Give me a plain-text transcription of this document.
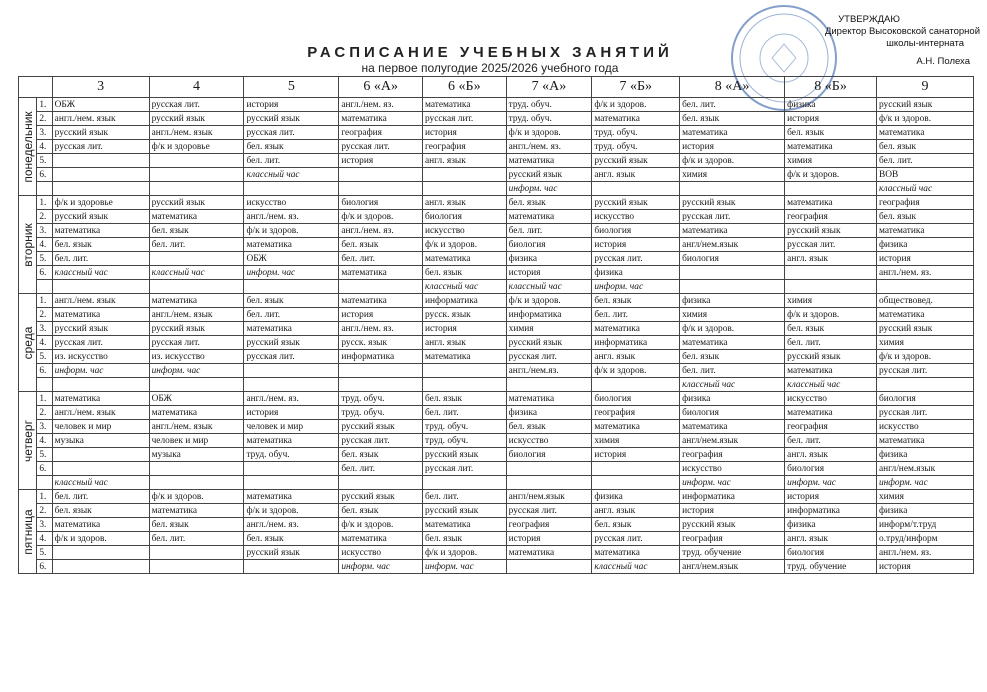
УТВЕРЖДАЮ
Директор Высоковской санаторной
школы-интерната
А.Н. Полеха
РАСПИСАНИЕ УЧЕБНЫХ ЗАНЯТИЙ
на первое полугодие 2025/2026 учебного года
		3	4	5	6 «А»	6 «Б»	7 «А»	7 «Б»	8 «А»	8 «Б»	9

понедельник	1.	ОБЖ	русская лит.	история	англ./нем. яз.	математика	труд. обуч.	ф/к и здоров.	бел. лит.	физика	русский язык
	2.	англ./нем. язык	русский язык	русский язык	математика	русская лит.	труд. обуч.	математика	бел. язык	история	ф/к и здоров.
	3.	русский язык	англ./нем. язык	русская лит.	география	история	ф/к и здоров.	труд. обуч.	математика	бел. язык	математика
	4.	русская лит.	ф/к и здоровье	бел. язык	русская лит.	география	англ./нем. яз.	труд. обуч.	история	математика	бел. язык
	5.			бел. лит.	история	англ. язык	математика	русский язык	ф/к и здоров.	химия	бел. лит.
	6.			классный час			русский язык	англ. язык	химия	ф/к и здоров.	ВОВ
							информ. час				классный час

вторник	1.	ф/к и здоровье	русский язык	искусство	биология	англ. язык	бел. язык	русский язык	русский язык	математика	география
	2.	русский язык	математика	англ./нем. яз.	ф/к и здоров.	биология	математика	искусство	русская лит.	география	бел. язык
	3.	математика	бел. язык	ф/к и здоров.	англ./нем. яз.	искусство	бел. лит.	биология	математика	русский язык	математика
	4.	бел. язык	бел. лит.	математика	бел. язык	ф/к и здоров.	биология	история	англ/нем.язык	русская лит.	физика
	5.	бел. лит.		ОБЖ	бел. лит.	математика	физика	русская лит.	биология	англ. язык	история
	6.	классный час	классный час	информ. час	математика	бел. язык	история	физика			англ./нем. яз.
						классный час	классный час	информ. час			

среда	1.	англ./нем. язык	математика	бел. язык	математика	информатика	ф/к и здоров.	бел. язык	физика	химия	обществовед.
	2.	математика	англ./нем. язык	бел. лит.	история	русск. язык	информатика	бел. лит.	химия	ф/к и здоров.	математика
	3.	русский язык	русский язык	математика	англ./нем. яз.	история	химия	математика	ф/к и здоров.	бел. язык	русский язык
	4.	русская лит.	русская лит.	русский язык	русск. язык	англ. язык	русский язык	информатика	математика	бел. лит.	химия
	5.	из. искусство	из. искусство	русская лит.	информатика	математика	русская лит.	англ. язык	бел. язык	русский язык	ф/к и здоров.
	6.	информ. час	информ. час				англ./нем.яз.	ф/к и здоров.	бел. лит.	математика	русская лит.
									классный час	классный час	

четверг	1.	математика	ОБЖ	англ./нем. яз.	труд. обуч.	бел. язык	математика	биология	физика	искусство	биология
	2.	англ./нем. язык	математика	история	труд. обуч.	бел. лит.	физика	география	биология	математика	русская лит.
	3.	человек и мир	англ./нем. язык	человек и мир	русский язык	труд. обуч.	бел. язык	математика	математика	география	искусство
	4.	музыка	человек и мир	математика	русская лит.	труд. обуч.	искусство	химия	англ/нем.язык	бел. лит.	математика
	5.		музыка	труд. обуч.	бел. язык	русский язык	биология	история	география	англ. язык	физика
	6.				бел. лит.	русская лит.			искусство	биология	англ/нем.язык
		классный час							информ. час	информ. час	информ. час

пятница	1.	бел. лит.	ф/к и здоров.	математика	русский язык	бел. лит.	англ/нем.язык	физика	информатика	история	химия
	2.	бел. язык	математика	ф/к и здоров.	бел. язык	русский язык	русская лит.	англ. язык	история	информатика	физика
	3.	математика	бел. язык	англ./нем. яз.	ф/к и здоров.	математика	география	бел. язык	русский язык	физика	информ/т.труд
	4.	ф/к и здоров.	бел. лит.	бел. язык	математика	бел. язык	история	русская лит.	география	англ. язык	о.труд/информ
	5.			русский язык	искусство	ф/к и здоров.	математика	математика	труд. обучение	биология	англ./нем. яз.
	6.				информ. час	информ. час		классный час	англ/нем.язык	труд. обучение	история
